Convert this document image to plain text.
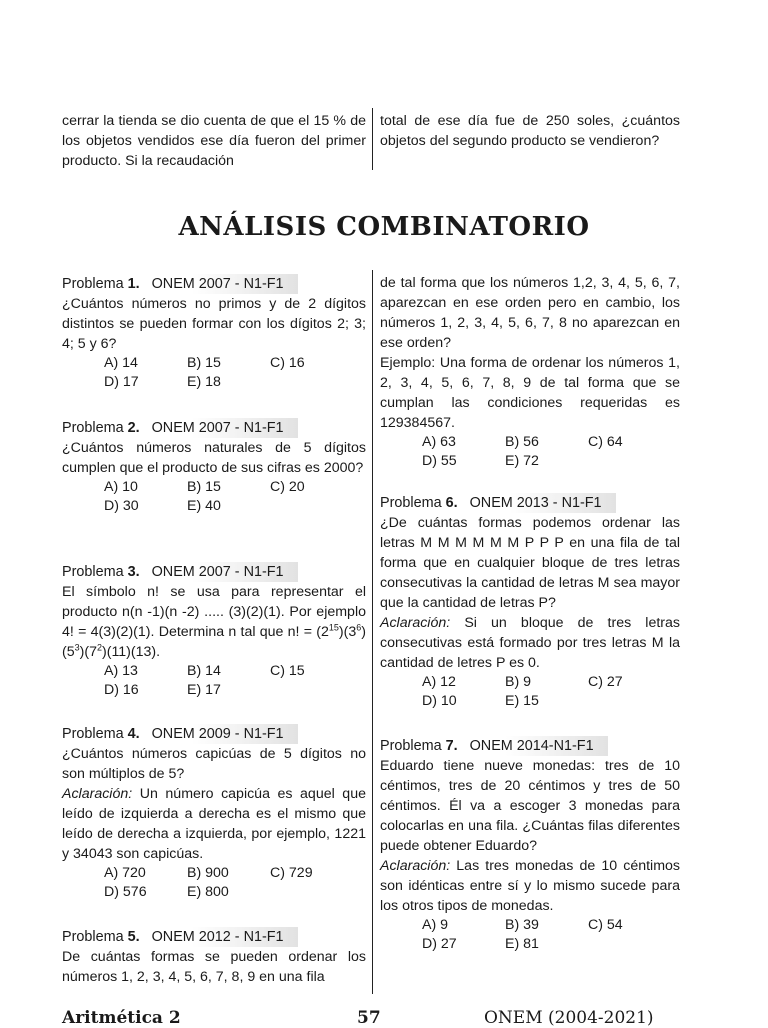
cerrar la tienda se dio cuenta de que el 15 % de los objetos vendidos ese día fueron del primer producto. Si la recaudación

total de ese día fue de 250 soles, ¿cuántos objetos del segundo producto se vendieron?

ANÁLISIS COMBINATORIO
Problema 1. ONEM 2007 - N1-F1

¿Cuántos números no primos y de 2 dígitos distintos se pueden formar con los dígitos 2; 3; 4; 5 y 6?

A) 14	B) 15	C) 16
D) 17	E) 18
Problema 2. ONEM 2007 - N1-F1

¿Cuántos números naturales de 5 dígitos cumplen que el producto de sus cifras es 2000?

A) 10	B) 15	C) 20
D) 30	E) 40
Problema 3. ONEM 2007 - N1-F1

El símbolo n! se usa para representar el producto n(n -1)(n -2) ..... (3)(2)(1). Por ejemplo 4! = 4(3)(2)(1). Determina n tal que n! = $(2^{15})(3^6)(5^3)(7^2)(11)(13)$.

A) 13	B) 14	C) 15
D) 16	E) 17
Problema 4. ONEM 2009 - N1-F1

¿Cuántos números capicúas de 5 dígitos no son múltiplos de 5?

Aclaración: Un número capicúa es aquel que leído de izquierda a derecha es el mismo que leído de derecha a izquierda, por ejemplo, 1221 y 34043 son capicúas.

A) 720	B) 900	C) 729
D) 576	E) 800
Problema 5. ONEM 2012 - N1-F1

De cuántas formas se pueden ordenar los números 1, 2, 3, 4, 5, 6, 7, 8, 9 en una fila

de tal forma que los números 1,2, 3, 4, 5, 6, 7, aparezcan en ese orden pero en cambio, los números 1, 2, 3, 4, 5, 6, 7, 8 no aparezcan en ese orden?

Ejemplo: Una forma de ordenar los números 1, 2, 3, 4, 5, 6, 7, 8, 9 de tal forma que se cumplan las condiciones requeridas es 129384567.

A) 63	B) 56	C) 64
D) 55	E) 72
Problema 6. ONEM 2013 - N1-F1

¿De cuántas formas podemos ordenar las letras M M M M M M P P P en una fila de tal forma que en cualquier bloque de tres letras consecutivas la cantidad de letras M sea mayor que la cantidad de letras P?

Aclaración: Si un bloque de tres letras consecutivas está formado por tres letras M la cantidad de letres P es 0.

A) 12	B) 9	C) 27
D) 10	E) 15
Problema 7. ONEM 2014-N1-F1

Eduardo tiene nueve monedas: tres de 10 céntimos, tres de 20 céntimos y tres de 50 céntimos. Él va a escoger 3 monedas para colocarlas en una fila. ¿Cuántas filas diferentes puede obtener Eduardo?

Aclaración: Las tres monedas de 10 céntimos son idénticas entre sí y lo mismo sucede para los otros tipos de monedas.

A) 9	B) 39	C) 54
D) 27	E) 81
Aritmética 2	57	ONEM (2004-2021)
